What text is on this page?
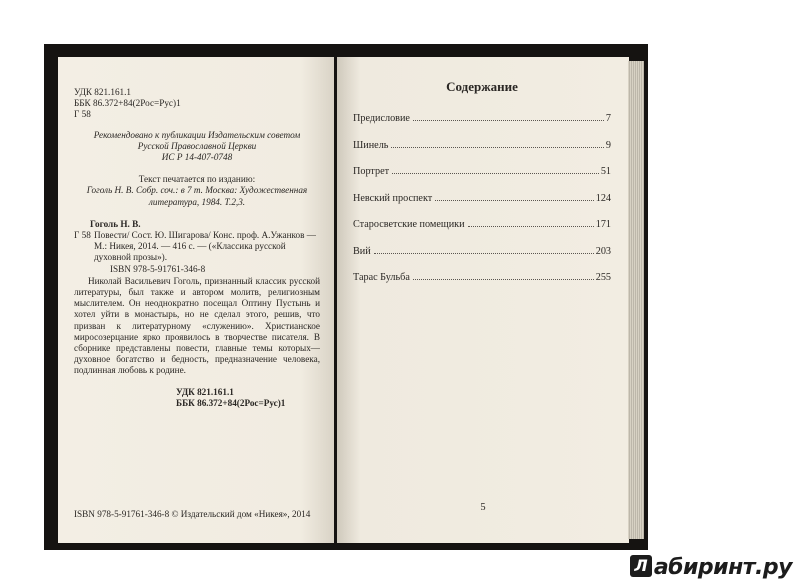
УДК 821.161.1
ББК 86.372+84(2Рос=Рус)1
Г 58
Рекомендовано к публикации Издательским советом
Русской Православной Церкви
ИС Р 14-407-0748
Текст печатается по изданию:
Гоголь Н. В. Собр. соч.: в 7 т. Москва: Художественная
литература, 1984. Т.2,3.
Гоголь Н. В.
Г 58 Повести/ Сост. Ю. Шигарова/ Конс. проф. А.Ужанков — М.: Никея, 2014. — 416 с. — («Классика русской духовной прозы»).
ISBN 978-5-91761-346-8
Николай Васильевич Гоголь, признанный классик русской литературы, был также и автором молитв, религиозным мыслителем. Он неоднократно посещал Оптину Пустынь и хотел уйти в монастырь, но не сделал этого, решив, что призван к литературному «служению». Христианское миросозерцание ярко проявилось в творчестве писателя. В сборнике представлены повести, главные темы которых— духовное богатство и бедность, предназначение человека, подлинная любовь к родине.
УДК 821.161.1
ББК 86.372+84(2Рос=Рус)1
ISBN 978-5-91761-346-8 © Издательский дом «Никея», 2014
Содержание
Предисловие	7
Шинель	9
Портрет	51
Невский проспект	124
Старосветские помещики	171
Вий	203
Тарас Бульба	255
5
Л абиринт.ру
